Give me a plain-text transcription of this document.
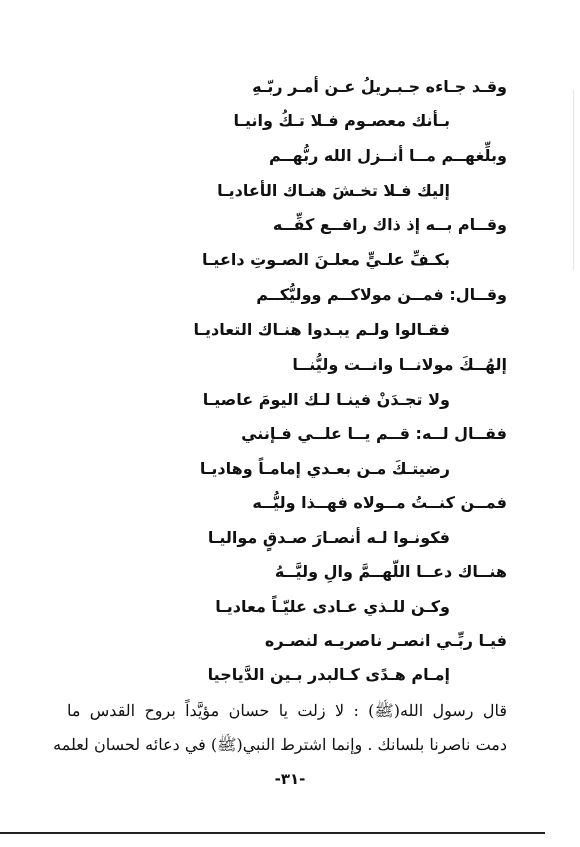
وقـد جـاءه جـبـريلُ عـن أمـر ربّـهِ
بـأنك معصـوم فـلا تـكُ وانيـا
وبلِّغهــم مــا أنــزل الله ربُّهــم
إليك فـلا تخـشَ هنـاك الأعاديـا
وقــام بــه إذ ذاك رافــع كفِّــه
بكـفِّ علـيٍّ معلـنَ الصـوتِ داعيـا
وقــال: فمــن مولاكــم ووليُّكــم
فقـالوا ولـم يبـدوا هنـاك التعاديـا
إلهُــكَ مولانــا وانــت وليُّنــا
ولا تجـدَنْ فينـا لـك اليومَ عاصيـا
فقــال لــه: قــم يــا علــي فـإنني
رضيتـكَ مـن بعـدي إمامـاً وهاديـا
فمــن كنــتُ مــولاه فهــذا وليُّــه
فكونـوا لـه أنصـارَ صـدقٍ مواليـا
هنــاك دعــا اللّهــمَّ والِ وليَّــهُ
وكـن للـذي عـادى عليّـاً معاديـا
فيـا ربِّـي انصـر ناصريـه لنصـره
إمـام هـدًى كـالبدر بـين الدَّياجيا
قال رسول الله(ﷺ) : لا زلت يا حسان مؤيَّداً بروح القدس ما
دمت ناصرنا بلسانك . وإنما اشترط النبي(ﷺ) في دعائه لحسان لعلمه
-٣١-
